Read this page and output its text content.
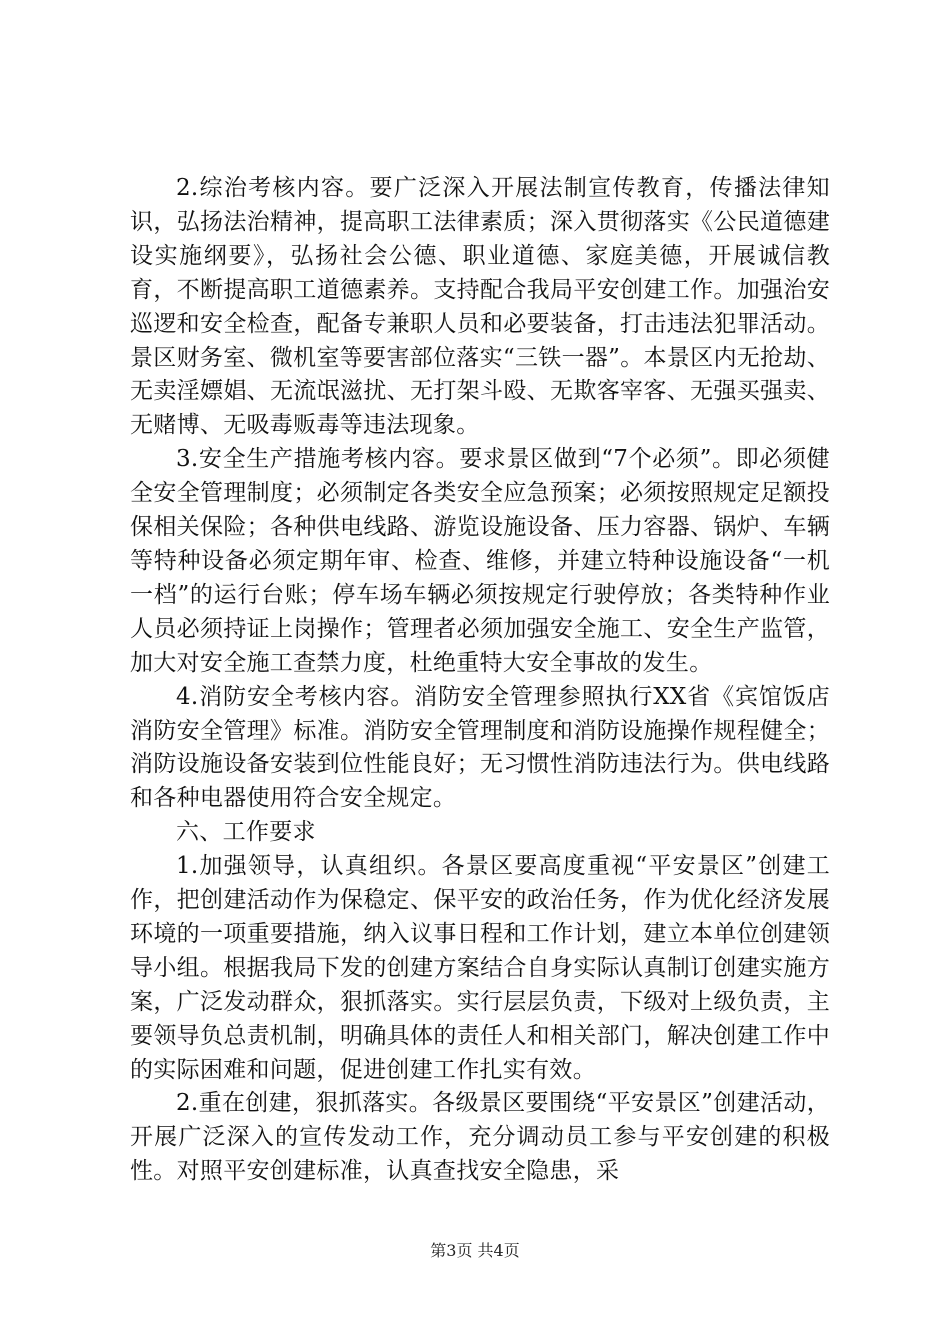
2.综治考核内容。要广泛深入开展法制宣传教育，传播法律知识，弘扬法治精神，提高职工法律素质；深入贯彻落实《公民道德建设实施纲要》，弘扬社会公德、职业道德、家庭美德，开展诚信教育，不断提高职工道德素养。支持配合我局平安创建工作。加强治安巡逻和安全检查，配备专兼职人员和必要装备，打击违法犯罪活动。景区财务室、微机室等要害部位落实“三铁一器”。本景区内无抢劫、无卖淫嫖娼、无流氓滋扰、无打架斗殴、无欺客宰客、无强买强卖、无赌博、无吸毒贩毒等违法现象。

3.安全生产措施考核内容。要求景区做到“7个必须”。即必须健全安全管理制度；必须制定各类安全应急预案；必须按照规定足额投保相关保险；各种供电线路、游览设施设备、压力容器、锅炉、车辆等特种设备必须定期年审、检查、维修，并建立特种设施设备“一机一档”的运行台账；停车场车辆必须按规定行驶停放；各类特种作业人员必须持证上岗操作；管理者必须加强安全施工、安全生产监管，加大对安全施工查禁力度，杜绝重特大安全事故的发生。

4.消防安全考核内容。消防安全管理参照执行XX省《宾馆饭店消防安全管理》标准。消防安全管理制度和消防设施操作规程健全；消防设施设备安装到位性能良好；无习惯性消防违法行为。供电线路和各种电器使用符合安全规定。

六、工作要求

1.加强领导，认真组织。各景区要高度重视“平安景区”创建工作，把创建活动作为保稳定、保平安的政治任务，作为优化经济发展环境的一项重要措施，纳入议事日程和工作计划，建立本单位创建领导小组。根据我局下发的创建方案结合自身实际认真制订创建实施方案，广泛发动群众，狠抓落实。实行层层负责，下级对上级负责，主要领导负总责机制，明确具体的责任人和相关部门，解决创建工作中的实际困难和问题，促进创建工作扎实有效。

2.重在创建，狠抓落实。各级景区要围绕“平安景区”创建活动，开展广泛深入的宣传发动工作，充分调动员工参与平安创建的积极性。对照平安创建标准，认真查找安全隐患，采

第3页 共4页
